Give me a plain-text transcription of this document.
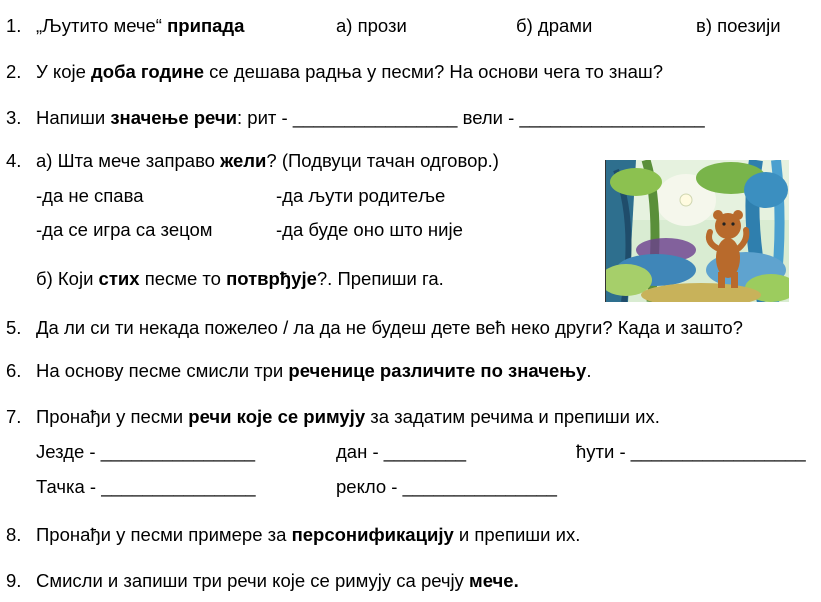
1. „Љутито мече“ припада	а) прози	б) драми	в) поезији
2. У које доба године се дешава радња у песми? На основи чега то знаш?
3. Напиши значење речи: рит - ________________ вели - __________________
4. а) Шта мече заправо жели? (Подвуци тачан одговор.)
-да не спава	-да љути родитеље
-да се игра са зецом	-да буде оно што није
б) Који стих песме то потврђује?. Препиши га.
5. Да ли си ти некада пожелео / ла да не будеш дете већ неко други? Када и зашто?
6. На основу песме смисли три реченице различите по значењу.
7. Пронађи у песми речи које се римују за задатим речима и препиши их.
Језде - _______________	дан - ________	ћути - _________________
Тачка - _______________	рекло - _______________
8. Пронађи у песми примере за персонификацију и препиши их.
9. Смисли и запиши три речи које се римују са речју мече.
